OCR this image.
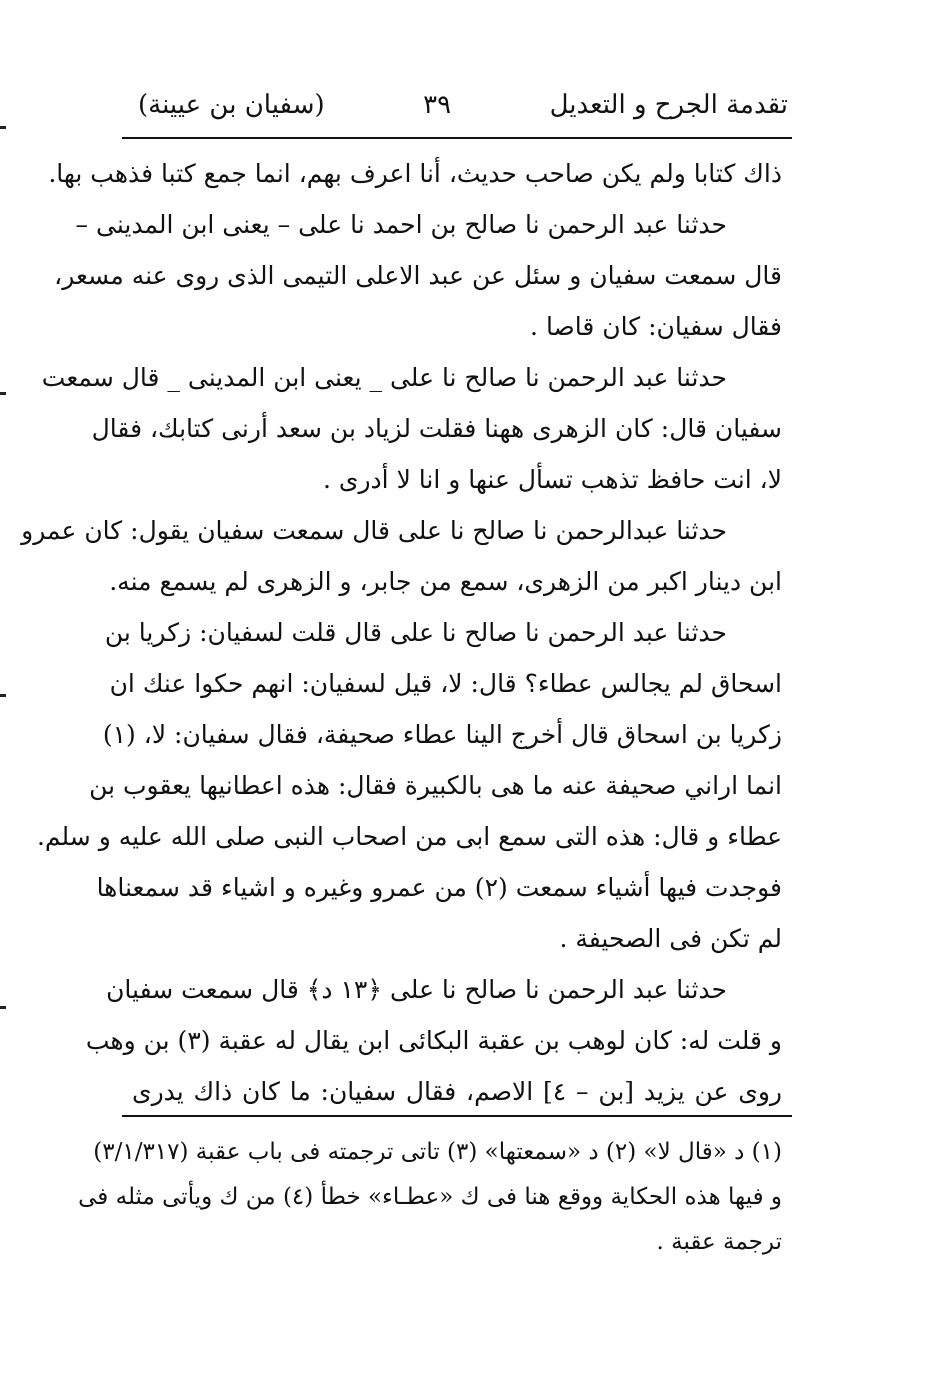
تقدمة الجرح و التعديل
٣٩
(سفيان بن عيينة)
ذاك كتابا ولم يكن صاحب حديث، أنا اعرف بهم، انما جمع كتبا فذهب بها.
حدثنا عبد الرحمن نا صالح بن احمد نا على – يعنى ابن المدينى –
قال سمعت سفيان و سئل عن عبد الاعلى التيمى الذى روى عنه مسعر،
فقال سفيان: كان قاصا .
حدثنا عبد الرحمن نا صالح نا على _ يعنى ابن المدينى _ قال سمعت
سفيان قال: كان الزهرى ههنا فقلت لزياد بن سعد أرنى كتابك، فقال
لا، انت حافظ تذهب تسأل عنها و انا لا أدرى .
حدثنا عبدالرحمن نا صالح نا على قال سمعت سفيان يقول: كان عمرو
ابن دينار اكبر من الزهرى، سمع من جابر، و الزهرى لم يسمع منه.
حدثنا عبد الرحمن نا صالح نا على قال قلت لسفيان: زكريا بن
اسحاق لم يجالس عطاء؟ قال: لا، قيل لسفيان: انهم حكوا عنك ان
زكريا بن اسحاق قال أخرج الينا عطاء صحيفة، فقال سفيان: لا، (١)
انما اراني صحيفة عنه ما هى بالكبيرة فقال: هذه اعطانيها يعقوب بن
عطاء و قال: هذه التى سمع ابى من اصحاب النبى صلى الله عليه و سلم.
فوجدت فيها أشياء سمعت (٢) من عمرو وغيره و اشياء قد سمعناها
لم تكن فى الصحيفة .
حدثنا عبد الرحمن نا صالح نا على ﴿١٣ د﴾ قال سمعت سفيان
و قلت له: كان لوهب بن عقبة البكائى ابن يقال له عقبة (٣) بن وهب
روى عن يزيد [بن – ٤] الاصم، فقال سفيان: ما كان ذاك يدرى
(١) د «قال لا» (٢) د «سمعتها» (٣) تاتى ترجمته فى باب عقبة (٣/١/٣١٧)
و فيها هذه الحكاية ووقع هنا فى ك «عطـاء» خطأ (٤) من ك ويأتى مثله فى
ترجمة عقبة .
